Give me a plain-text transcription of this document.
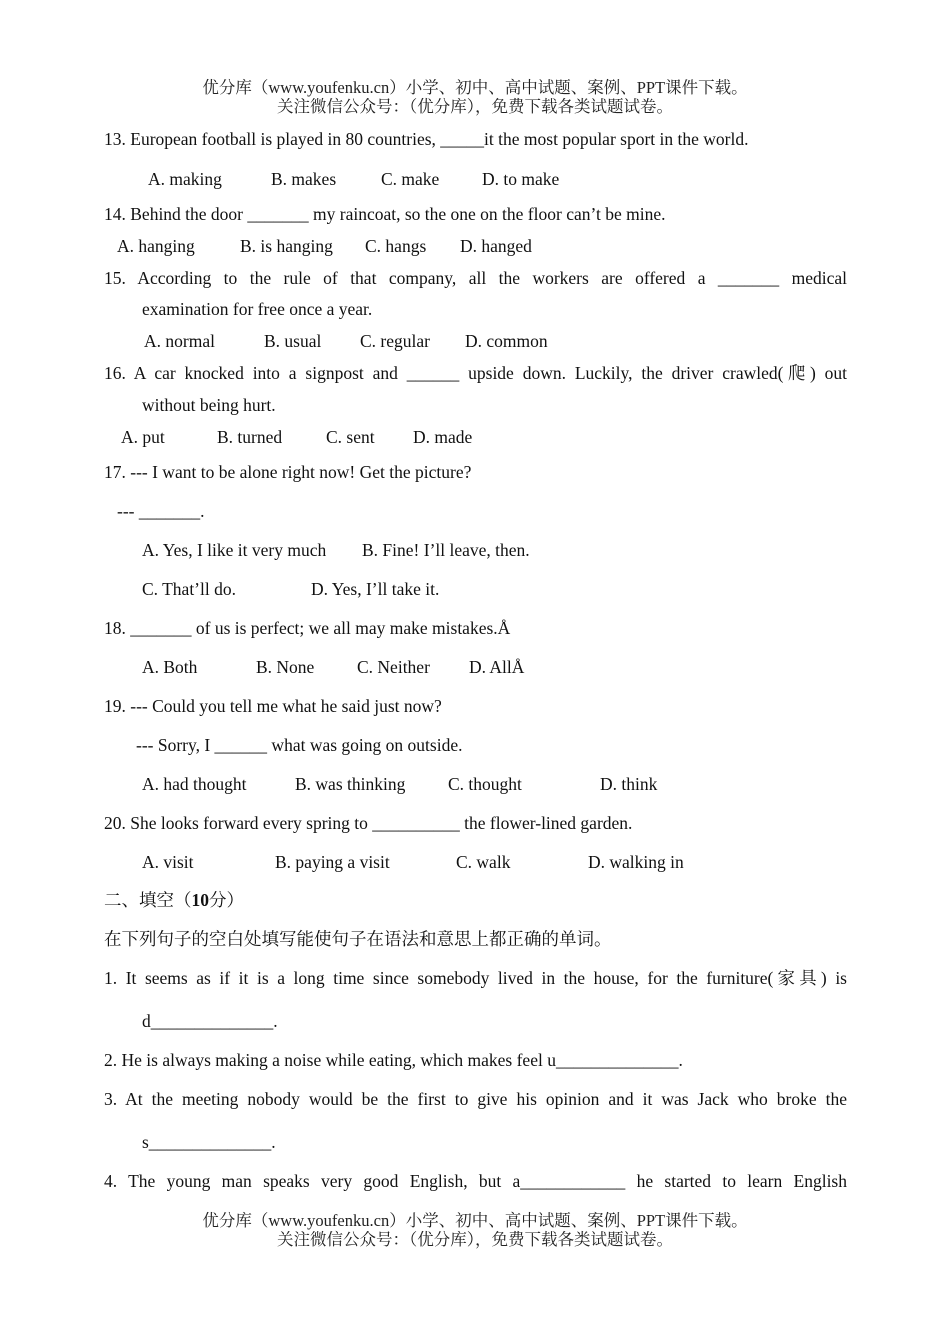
优分库（www.youfenku.cn）小学、初中、高中试题、案例、PPT课件下载。
关注微信公众号：（优分库），免费下载各类试题试卷。
13. European football is played in 80 countries, _____it the most popular sport in the world.
A. making	B. makes	C. make D. to make
14. Behind the door _______ my raincoat, so the one on the floor can’t be mine.
A. hanging	B. is hanging C. hangs D. hanged
15. According to the rule of that company, all the workers are offered a _______ medical
examination for free once a year.
A. normal	B. usual C. regular D. common
16. A car knocked into a signpost and ______ upside down. Luckily, the driver crawled(爬) out
without being hurt.
A. put	B. turned	C. sent D. made
17. --- I want to be alone right now! Get the picture?
--- _______.
A. Yes, I like it very much B. Fine! I’ll leave, then.
C. That’ll do.	D. Yes, I’ll take it.
18. _______ of us is perfect; we all may make mistakes.Å
A. Both	B. None C. Neither D. AllÅ
19. --- Could you tell me what he said just now?
--- Sorry, I ______ what was going on outside.
A. had thought	B. was thinking C. thought	D. think
20. She looks forward every spring to __________ the flower-lined garden.
A. visit	B. paying a visit	C. walk	D. walking in
二、填空（10分）
在下列句子的空白处填写能使句子在语法和意思上都正确的单词。
1. It seems as if it is a long time since somebody lived in the house, for the furniture(家具) is
d______________.
2. He is always making a noise while eating, which makes feel u______________.
3. At the meeting nobody would be the first to give his opinion and it was Jack who broke the
s______________.
4. The young man speaks very good English, but a____________ he started to learn English
优分库（www.youfenku.cn）小学、初中、高中试题、案例、PPT课件下载。
关注微信公众号：（优分库），免费下载各类试题试卷。
